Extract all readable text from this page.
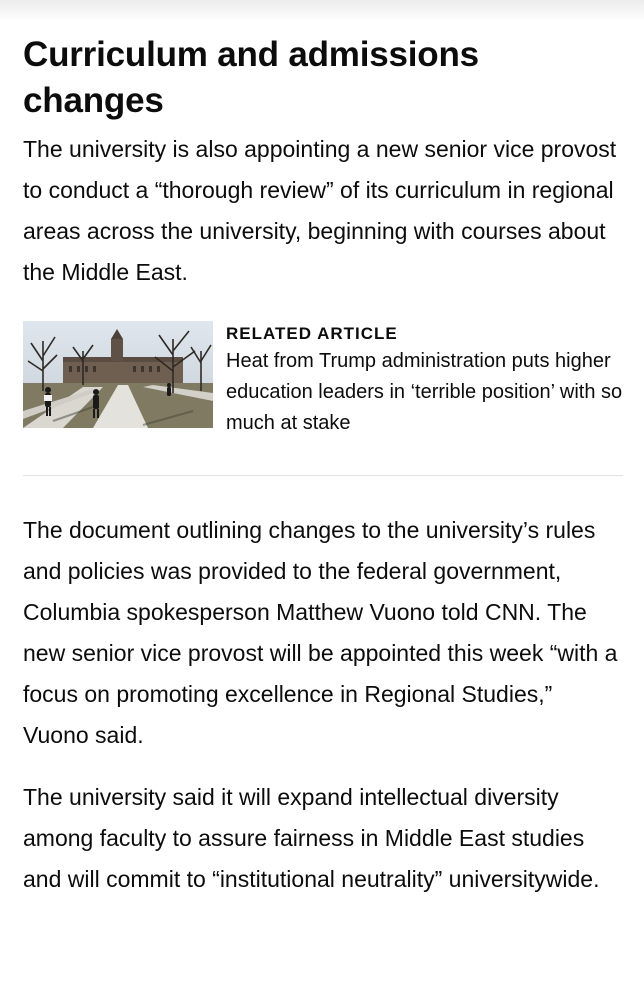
Curriculum and admissions changes

The university is also appointing a new senior vice provost to conduct a “thorough review” of its curriculum in regional areas across the university, beginning with courses about the Middle East.

RELATED ARTICLE
Heat from Trump administration puts higher education leaders in ‘terrible position’ with so much at stake

The document outlining changes to the university’s rules and policies was provided to the federal government, Columbia spokesperson Matthew Vuono told CNN. The new senior vice provost will be appointed this week “with a focus on promoting excellence in Regional Studies,” Vuono said.

The university said it will expand intellectual diversity among faculty to assure fairness in Middle East studies and will commit to “institutional neutrality” universitywide.
